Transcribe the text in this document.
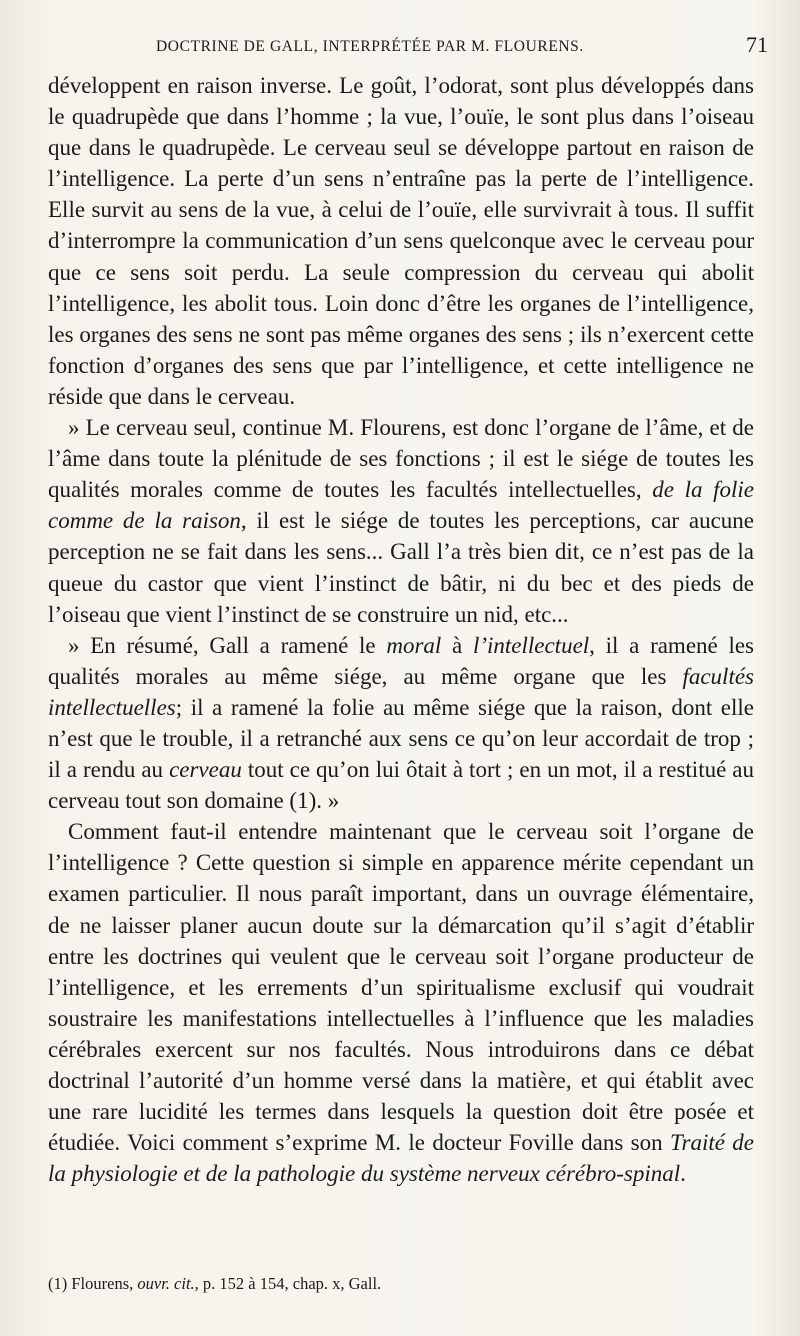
DOCTRINE DE GALL, INTERPRÉTÉE PAR M. FLOURENS.	71

développent en raison inverse. Le goût, l’odorat, sont plus développés dans le quadrupède que dans l’homme ; la vue, l’ouïe, le sont plus dans l’oiseau que dans le quadrupède. Le cerveau seul se développe partout en raison de l’intelligence. La perte d’un sens n’entraîne pas la perte de l’intelligence. Elle survit au sens de la vue, à celui de l’ouïe, elle survivrait à tous. Il suffit d’interrompre la communication d’un sens quelconque avec le cerveau pour que ce sens soit perdu. La seule compression du cerveau qui abolit l’intelligence, les abolit tous. Loin donc d’être les organes de l’intelligence, les organes des sens ne sont pas même organes des sens ; ils n’exercent cette fonction d’organes des sens que par l’intelligence, et cette intelligence ne réside que dans le cerveau.

» Le cerveau seul, continue M. Flourens, est donc l’organe de l’âme, et de l’âme dans toute la plénitude de ses fonctions ; il est le siége de toutes les qualités morales comme de toutes les facultés intellectuelles, de la folie comme de la raison, il est le siége de toutes les perceptions, car aucune perception ne se fait dans les sens... Gall l’a très bien dit, ce n’est pas de la queue du castor que vient l’instinct de bâtir, ni du bec et des pieds de l’oiseau que vient l’instinct de se construire un nid, etc...

» En résumé, Gall a ramené le moral à l’intellectuel, il a ramené les qualités morales au même siége, au même organe que les facultés intellectuelles; il a ramené la folie au même siége que la raison, dont elle n’est que le trouble, il a retranché aux sens ce qu’on leur accordait de trop ; il a rendu au cerveau tout ce qu’on lui ôtait à tort ; en un mot, il a restitué au cerveau tout son domaine (1). »

Comment faut-il entendre maintenant que le cerveau soit l’organe de l’intelligence ? Cette question si simple en apparence mérite cependant un examen particulier. Il nous paraît important, dans un ouvrage élémentaire, de ne laisser planer aucun doute sur la démarcation qu’il s’agit d’établir entre les doctrines qui veulent que le cerveau soit l’organe producteur de l’intelligence, et les errements d’un spiritualisme exclusif qui voudrait soustraire les manifestations intellectuelles à l’influence que les maladies cérébrales exercent sur nos facultés. Nous introduirons dans ce débat doctrinal l’autorité d’un homme versé dans la matière, et qui établit avec une rare lucidité les termes dans lesquels la question doit être posée et étudiée. Voici comment s’exprime M. le docteur Foville dans son Traité de la physiologie et de la pathologie du système nerveux cérébro-spinal.

(1) Flourens, ouvr. cit., p. 152 à 154, chap. x, Gall.
